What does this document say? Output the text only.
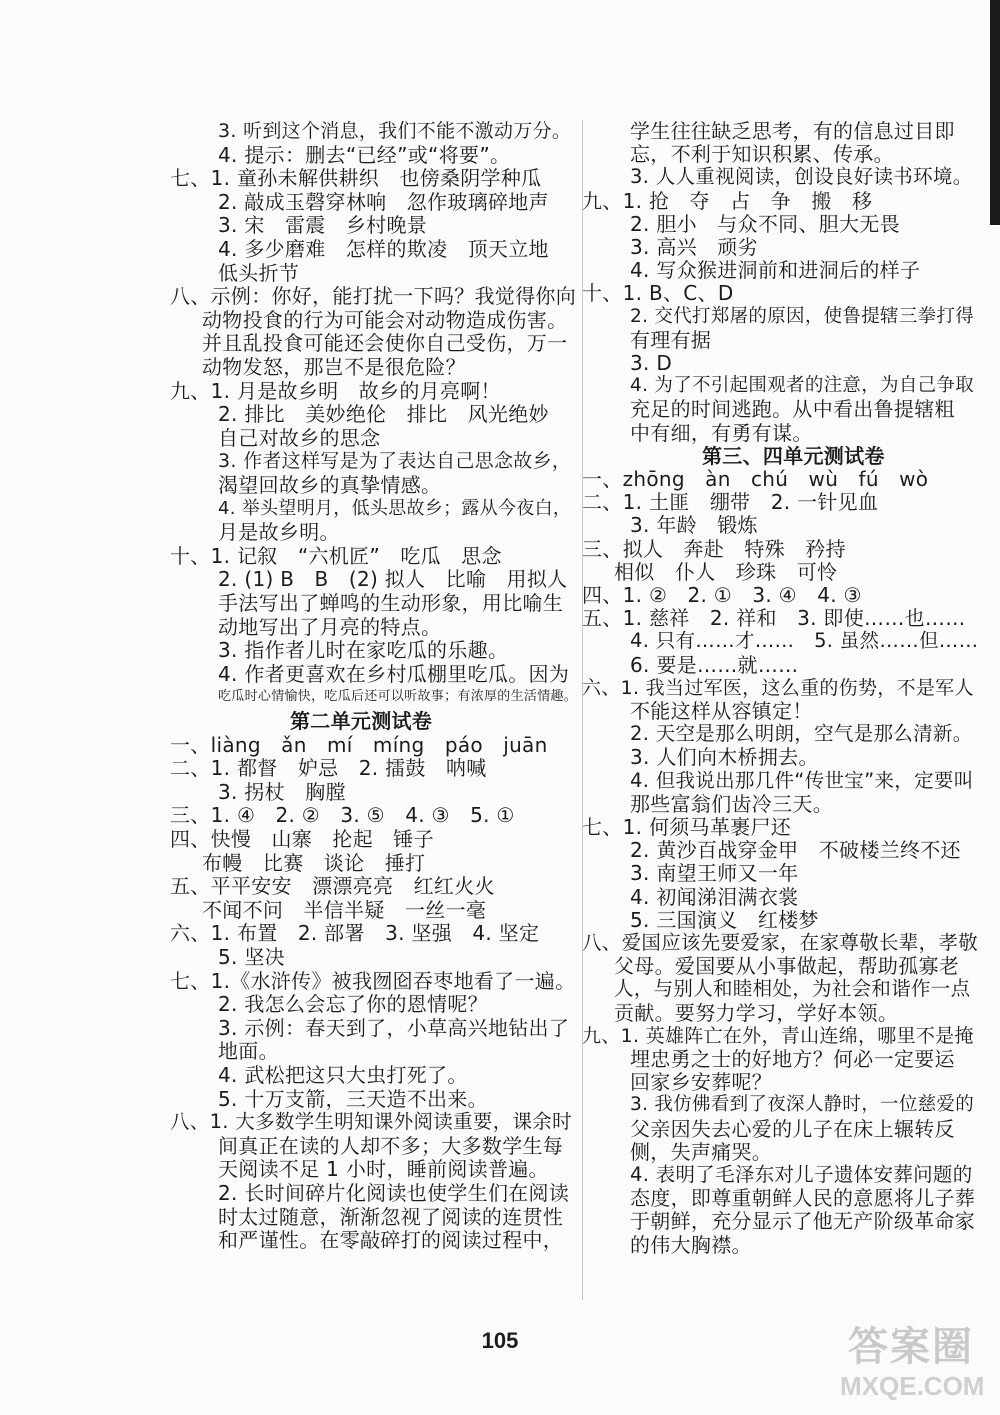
3. 听到这个消息，我们不能不激动万分。
4. 提示：删去“已经”或“将要”。
七、1. 童孙未解供耕织　也傍桑阴学种瓜
2. 敲成玉磬穿林响　忽作玻璃碎地声
3. 宋　雷震　乡村晚景
4. 多少磨难　怎样的欺凌　顶天立地
低头折节
八、示例：你好，能打扰一下吗？我觉得你向
动物投食的行为可能会对动物造成伤害。
并且乱投食可能还会使你自己受伤，万一
动物发怒，那岂不是很危险？
九、1. 月是故乡明　故乡的月亮啊！
2. 排比　美妙绝伦　排比　风光绝妙
自己对故乡的思念
3. 作者这样写是为了表达自己思念故乡，
渴望回故乡的真挚情感。
4. 举头望明月，低头思故乡；露从今夜白，
月是故乡明。
十、1. 记叙　“六机匠”　吃瓜　思念
2. (1) B　B　(2) 拟人　比喻　用拟人
手法写出了蝉鸣的生动形象，用比喻生
动地写出了月亮的特点。
3. 指作者儿时在家吃瓜的乐趣。
4. 作者更喜欢在乡村瓜棚里吃瓜。因为
吃瓜时心情愉快，吃瓜后还可以听故事；有浓厚的生活情趣。
第二单元测试卷
一、liàng　ǎn　mí　míng　páo　juān
二、1. 都督　妒忌　2. 擂鼓　呐喊
3. 拐杖　胸膛
三、1. ④　2. ②　3. ⑤　4. ③　5. ①
四、快慢　山寨　抡起　锤子
布幔　比赛　谈论　捶打
五、平平安安　漂漂亮亮　红红火火
不闻不问　半信半疑　一丝一毫
六、1. 布置　2. 部署　3. 坚强　4. 坚定
5. 坚决
七、1.《水浒传》被我囫囵吞枣地看了一遍。
2. 我怎么会忘了你的恩情呢？
3. 示例：春天到了，小草高兴地钻出了
地面。
4. 武松把这只大虫打死了。
5. 十万支箭，三天造不出来。
八、1. 大多数学生明知课外阅读重要，课余时
间真正在读的人却不多；大多数学生每
天阅读不足 1 小时，睡前阅读普遍。
2. 长时间碎片化阅读也使学生们在阅读
时太过随意，渐渐忽视了阅读的连贯性
和严谨性。在零敲碎打的阅读过程中，
学生往往缺乏思考，有的信息过目即
忘，不利于知识积累、传承。
3. 人人重视阅读，创设良好读书环境。
九、1. 抢　夺　占　争　搬　移
2. 胆小　与众不同、胆大无畏
3. 高兴　顽劣
4. 写众猴进洞前和进洞后的样子
十、1. B、C、D
2. 交代打郑屠的原因，使鲁提辖三拳打得
有理有据
3. D
4. 为了不引起围观者的注意，为自己争取
充足的时间逃跑。从中看出鲁提辖粗
中有细，有勇有谋。
第三、四单元测试卷
一、zhōng　àn　chú　wù　fú　wò
二、1. 土匪　绷带　2. 一针见血
3. 年龄　锻炼
三、拟人　奔赴　特殊　矜持
相似　仆人　珍珠　可怜
四、1. ②　2. ①　3. ④　4. ③
五、1. 慈祥　2. 祥和　3. 即使……也……
4. 只有……才……　5. 虽然……但……
6. 要是……就……
六、1. 我当过军医，这么重的伤势，不是军人
不能这样从容镇定！
2. 天空是那么明朗，空气是那么清新。
3. 人们向木桥拥去。
4. 但我说出那几件“传世宝”来，定要叫
那些富翁们齿冷三天。
七、1. 何须马革裹尸还
2. 黄沙百战穿金甲　不破楼兰终不还
3. 南望王师又一年
4. 初闻涕泪满衣裳
5. 三国演义　红楼梦
八、爱国应该先要爱家，在家尊敬长辈，孝敬
父母。爱国要从小事做起，帮助孤寡老
人，与别人和睦相处，为社会和谐作一点
贡献。要努力学习，学好本领。
九、1. 英雄阵亡在外，青山连绵，哪里不是掩
埋忠勇之士的好地方？何必一定要运
回家乡安葬呢？
3. 我仿佛看到了夜深人静时，一位慈爱的
父亲因失去心爱的儿子在床上辗转反
侧，失声痛哭。
4. 表明了毛泽东对儿子遗体安葬问题的
态度，即尊重朝鲜人民的意愿将儿子葬
于朝鲜，充分显示了他无产阶级革命家
的伟大胸襟。
105	答案圈
MXQE.COM
